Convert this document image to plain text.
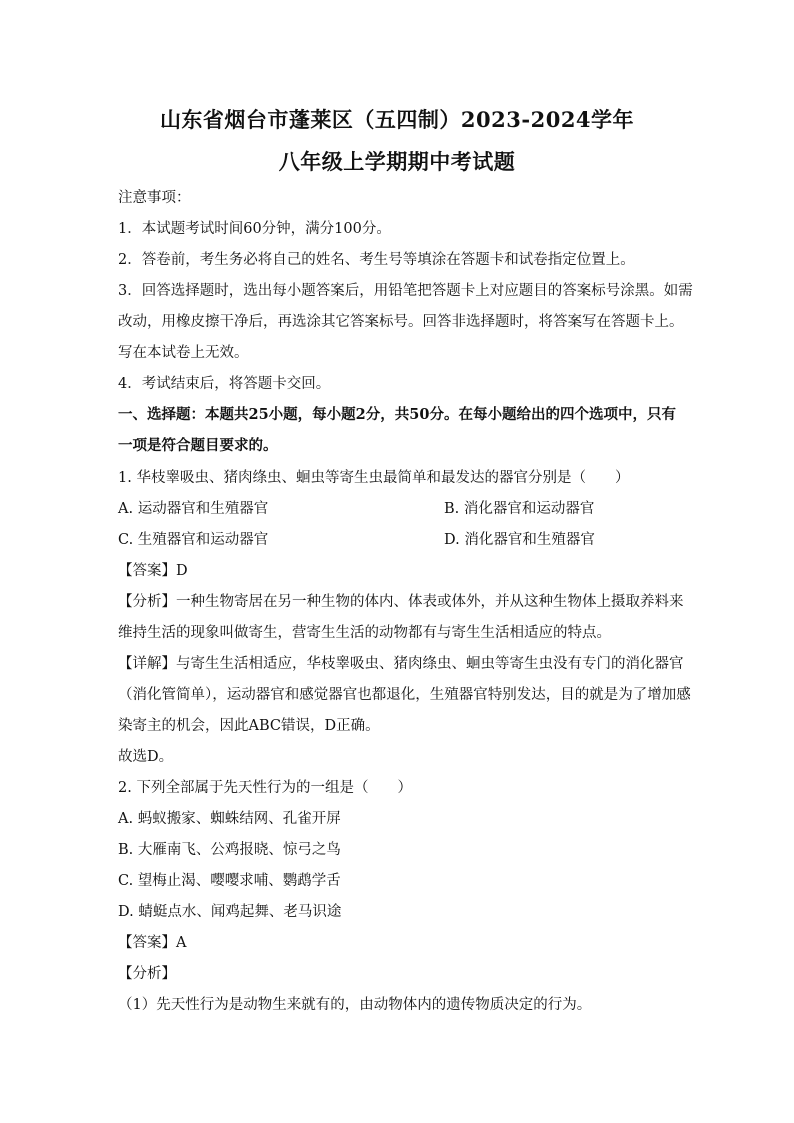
山东省烟台市蓬莱区（五四制）2023-2024学年
八年级上学期期中考试题
注意事项：
1．本试题考试时间60分钟，满分100分。
2．答卷前，考生务必将自己的姓名、考生号等填涂在答题卡和试卷指定位置上。
3．回答选择题时，选出每小题答案后，用铅笔把答题卡上对应题目的答案标号涂黑。如需
改动，用橡皮擦干净后，再选涂其它答案标号。回答非选择题时，将答案写在答题卡上。
写在本试卷上无效。
4．考试结束后，将答题卡交回。
一、选择题：本题共25小题，每小题2分，共50分。在每小题给出的四个选项中，只有
一项是符合题目要求的。
1. 华枝睾吸虫、猪肉绦虫、蛔虫等寄生虫最简单和最发达的器官分别是（　　）
A. 运动器官和生殖器官	B. 消化器官和运动器官
C. 生殖器官和运动器官	D. 消化器官和生殖器官
【答案】D
【分析】一种生物寄居在另一种生物的体内、体表或体外，并从这种生物体上摄取养料来
维持生活的现象叫做寄生，营寄生生活的动物都有与寄生生活相适应的特点。
【详解】与寄生生活相适应，华枝睾吸虫、猪肉绦虫、蛔虫等寄生虫没有专门的消化器官
（消化管简单），运动器官和感觉器官也都退化，生殖器官特别发达，目的就是为了增加感
染寄主的机会，因此ABC错误，D正确。
故选D。
2. 下列全部属于先天性行为的一组是（　　）
A. 蚂蚁搬家、蜘蛛结网、孔雀开屏
B. 大雁南飞、公鸡报晓、惊弓之鸟
C. 望梅止渴、嘤嘤求哺、鹦鹉学舌
D. 蜻蜓点水、闻鸡起舞、老马识途
【答案】A
【分析】
（1）先天性行为是动物生来就有的，由动物体内的遗传物质决定的行为。
